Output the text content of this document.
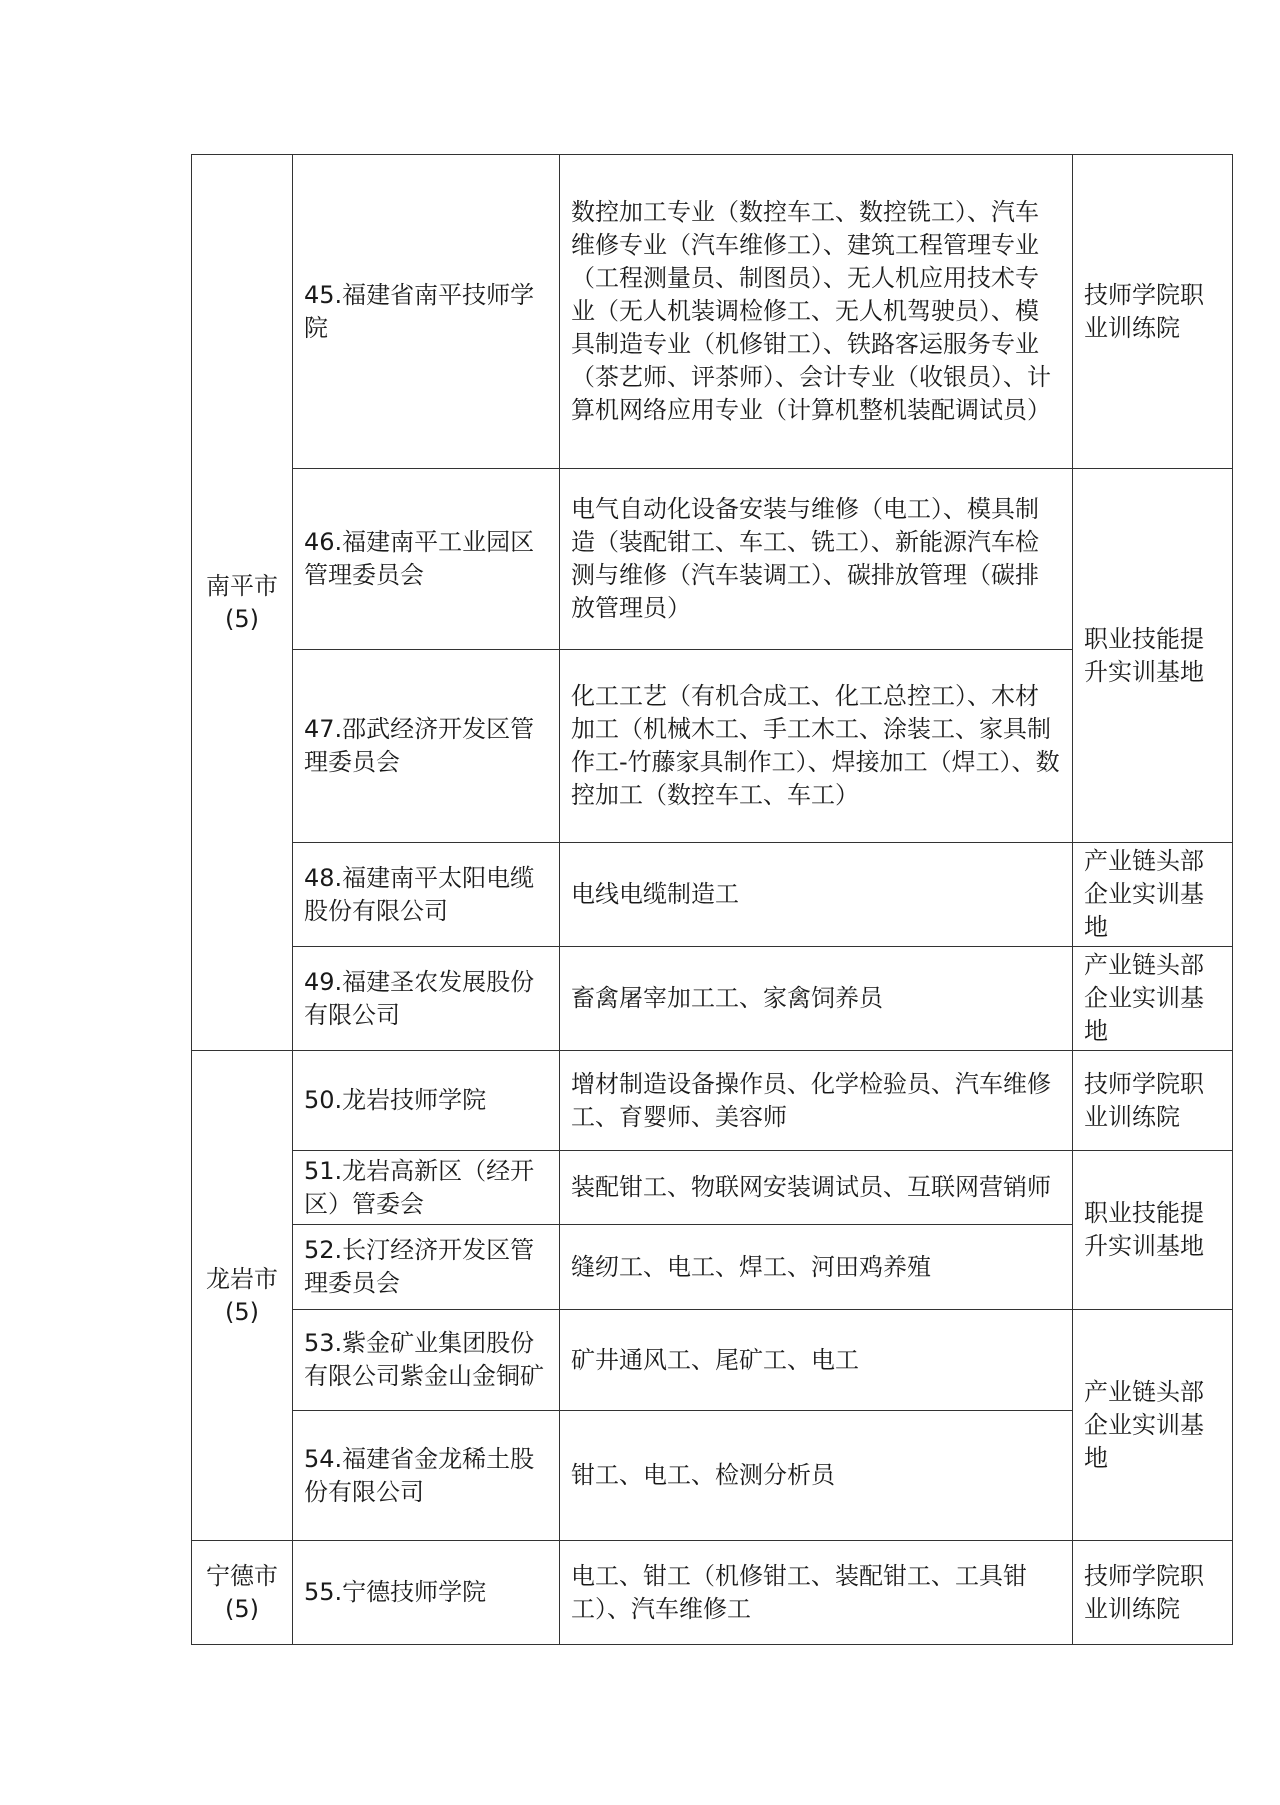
南平市
(5)	45.福建省南平技师学院	数控加工专业（数控车工、数控铣工）、汽车维修专业（汽车维修工）、建筑工程管理专业（工程测量员、制图员）、无人机应用技术专业（无人机装调检修工、无人机驾驶员）、模具制造专业（机修钳工）、铁路客运服务专业（茶艺师、评茶师）、会计专业（收银员）、计算机网络应用专业（计算机整机装配调试员）	技师学院职业训练院
	46.福建南平工业园区管理委员会	电气自动化设备安装与维修（电工）、模具制造（装配钳工、车工、铣工）、新能源汽车检测与维修（汽车装调工）、碳排放管理（碳排放管理员）	职业技能提升实训基地
	47.邵武经济开发区管理委员会	化工工艺（有机合成工、化工总控工）、木材加工（机械木工、手工木工、涂装工、家具制作工-竹藤家具制作工）、焊接加工（焊工）、数控加工（数控车工、车工）	
	48.福建南平太阳电缆股份有限公司	电线电缆制造工	产业链头部企业实训基地
	49.福建圣农发展股份有限公司	畜禽屠宰加工工、家禽饲养员	产业链头部企业实训基地

龙岩市
(5)	50.龙岩技师学院	增材制造设备操作员、化学检验员、汽车维修工、育婴师、美容师	技师学院职业训练院
	51.龙岩高新区（经开区）管委会	装配钳工、物联网安装调试员、互联网营销师	职业技能提升实训基地
	52.长汀经济开发区管理委员会	缝纫工、电工、焊工、河田鸡养殖	
	53.紫金矿业集团股份有限公司紫金山金铜矿	矿井通风工、尾矿工、电工	产业链头部企业实训基地
	54.福建省金龙稀土股份有限公司	钳工、电工、检测分析员	

宁德市
(5)	55.宁德技师学院	电工、钳工（机修钳工、装配钳工、工具钳工）、汽车维修工	技师学院职业训练院
